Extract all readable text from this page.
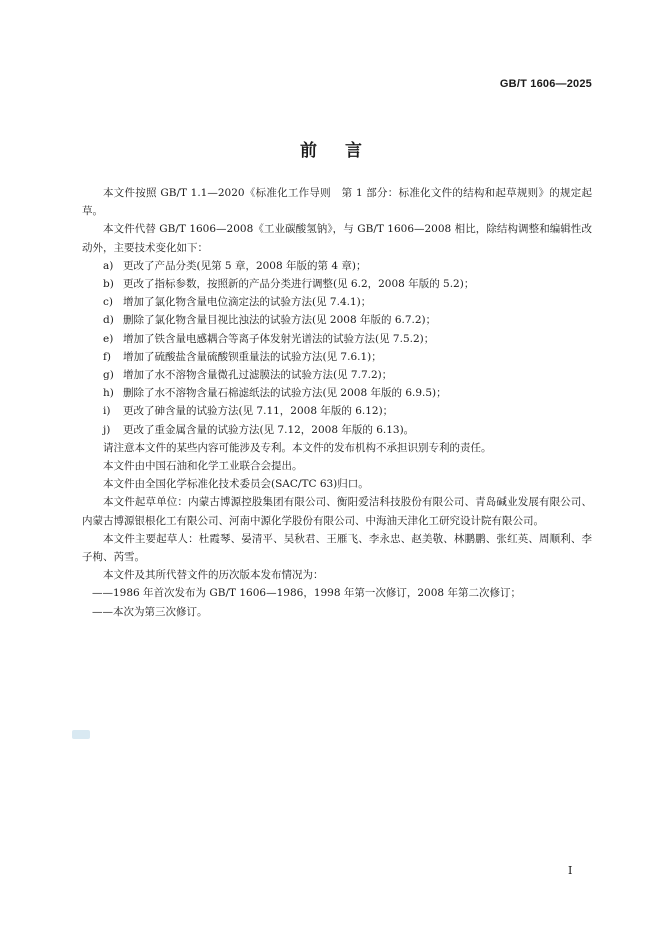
GB/T 1606—2025
前言

本文件按照 GB/T 1.1—2020《标准化工作导则　第 1 部分：标准化文件的结构和起草规则》的规定起草。

本文件代替 GB/T 1606—2008《工业碳酸氢钠》，与 GB/T 1606—2008 相比，除结构调整和编辑性改动外，主要技术变化如下：

a) 更改了产品分类(见第 5 章，2008 年版的第 4 章)；
b) 更改了指标参数，按照新的产品分类进行调整(见 6.2，2008 年版的 5.2)；
c) 增加了氯化物含量电位滴定法的试验方法(见 7.4.1)；
d) 删除了氯化物含量目视比浊法的试验方法(见 2008 年版的 6.7.2)；
e) 增加了铁含量电感耦合等离子体发射光谱法的试验方法(见 7.5.2)；
f)	增加了硫酸盐含量硫酸钡重量法的试验方法(见 7.6.1)；
g) 增加了水不溶物含量微孔过滤膜法的试验方法(见 7.7.2)；
h) 删除了水不溶物含量石棉滤纸法的试验方法(见 2008 年版的 6.9.5)；
i)	更改了砷含量的试验方法(见 7.11，2008 年版的 6.12)；
j)	更改了重金属含量的试验方法(见 7.12，2008 年版的 6.13)。

请注意本文件的某些内容可能涉及专利。本文件的发布机构不承担识别专利的责任。

本文件由中国石油和化学工业联合会提出。

本文件由全国化学标准化技术委员会(SAC/TC 63)归口。

本文件起草单位：内蒙古博源控股集团有限公司、衡阳爱洁科技股份有限公司、青岛碱业发展有限公司、内蒙古博源银根化工有限公司、河南中源化学股份有限公司、中海油天津化工研究设计院有限公司。

本文件主要起草人：杜霞琴、晏清平、吴秋君、王雁飞、李永忠、赵美敬、林鹏鹏、张红英、周顺利、李子枸、芮雪。

本文件及其所代替文件的历次版本发布情况为：

——1986 年首次发布为 GB/T 1606—1986，1998 年第一次修订，2008 年第二次修订；

——本次为第三次修订。

I
